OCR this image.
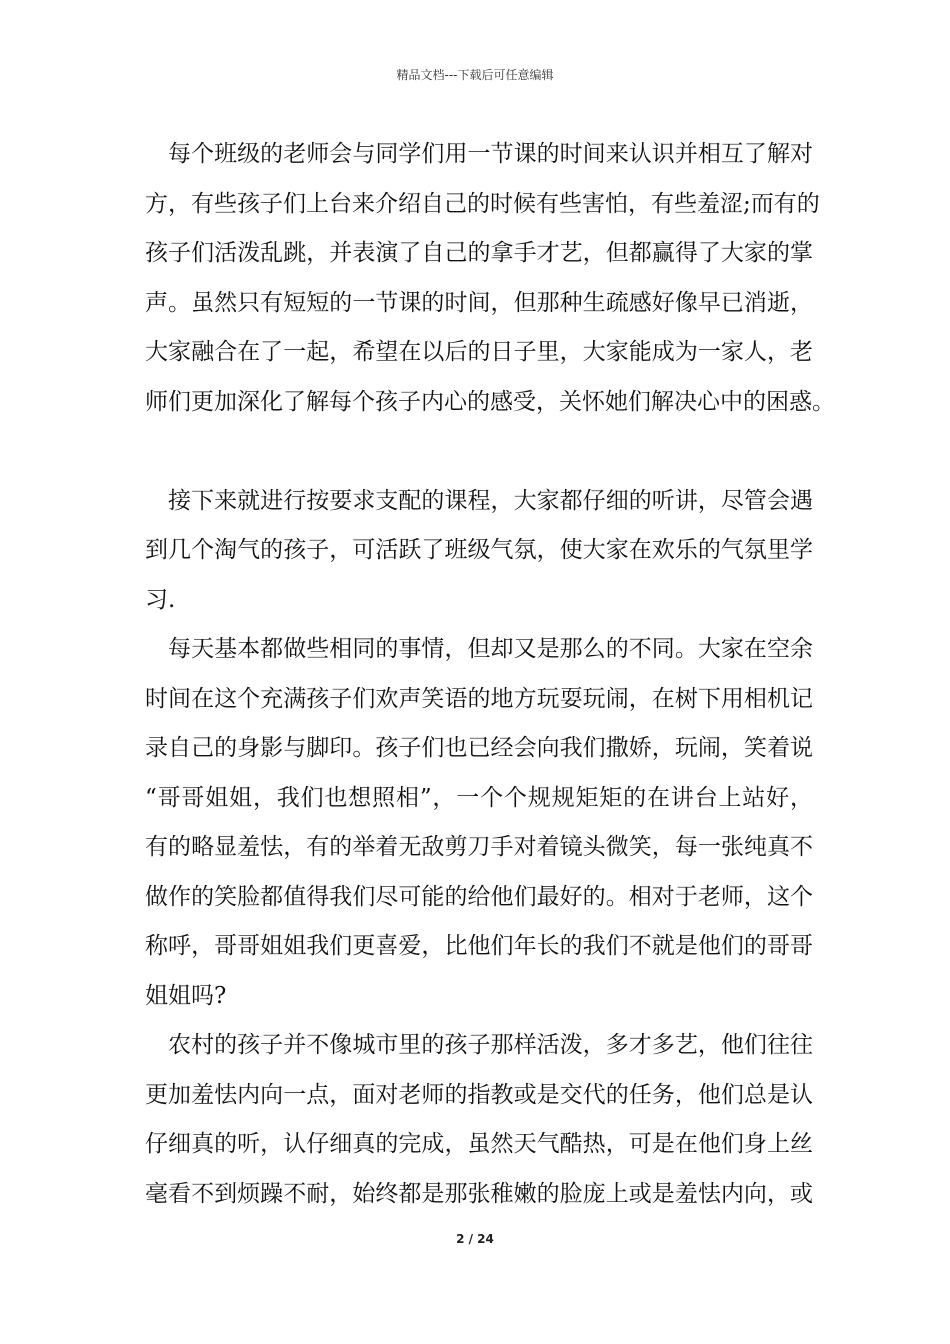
精品文档---下载后可任意编辑
　每个班级的老师会与同学们用一节课的时间来认识并相互了解对
方，有些孩子们上台来介绍自己的时候有些害怕，有些羞涩;而有的
孩子们活泼乱跳，并表演了自己的拿手才艺，但都赢得了大家的掌
声。虽然只有短短的一节课的时间，但那种生疏感好像早已消逝，
大家融合在了一起，希望在以后的日子里，大家能成为一家人，老
师们更加深化了解每个孩子内心的感受，关怀她们解决心中的困惑。
　接下来就进行按要求支配的课程，大家都仔细的听讲，尽管会遇
到几个淘气的孩子，可活跃了班级气氛，使大家在欢乐的气氛里学
习.
　每天基本都做些相同的事情，但却又是那么的不同。大家在空余
时间在这个充满孩子们欢声笑语的地方玩耍玩闹，在树下用相机记
录自己的身影与脚印。孩子们也已经会向我们撒娇，玩闹，笑着说
“哥哥姐姐，我们也想照相”，一个个规规矩矩的在讲台上站好，
有的略显羞怯，有的举着无敌剪刀手对着镜头微笑，每一张纯真不
做作的笑脸都值得我们尽可能的给他们最好的。相对于老师，这个
称呼，哥哥姐姐我们更喜爱，比他们年长的我们不就是他们的哥哥
姐姐吗?
　农村的孩子并不像城市里的孩子那样活泼，多才多艺，他们往往
更加羞怯内向一点，面对老师的指教或是交代的任务，他们总是认
仔细真的听，认仔细真的完成，虽然天气酷热，可是在他们身上丝
毫看不到烦躁不耐，始终都是那张稚嫩的脸庞上或是羞怯内向，或
2 / 24
